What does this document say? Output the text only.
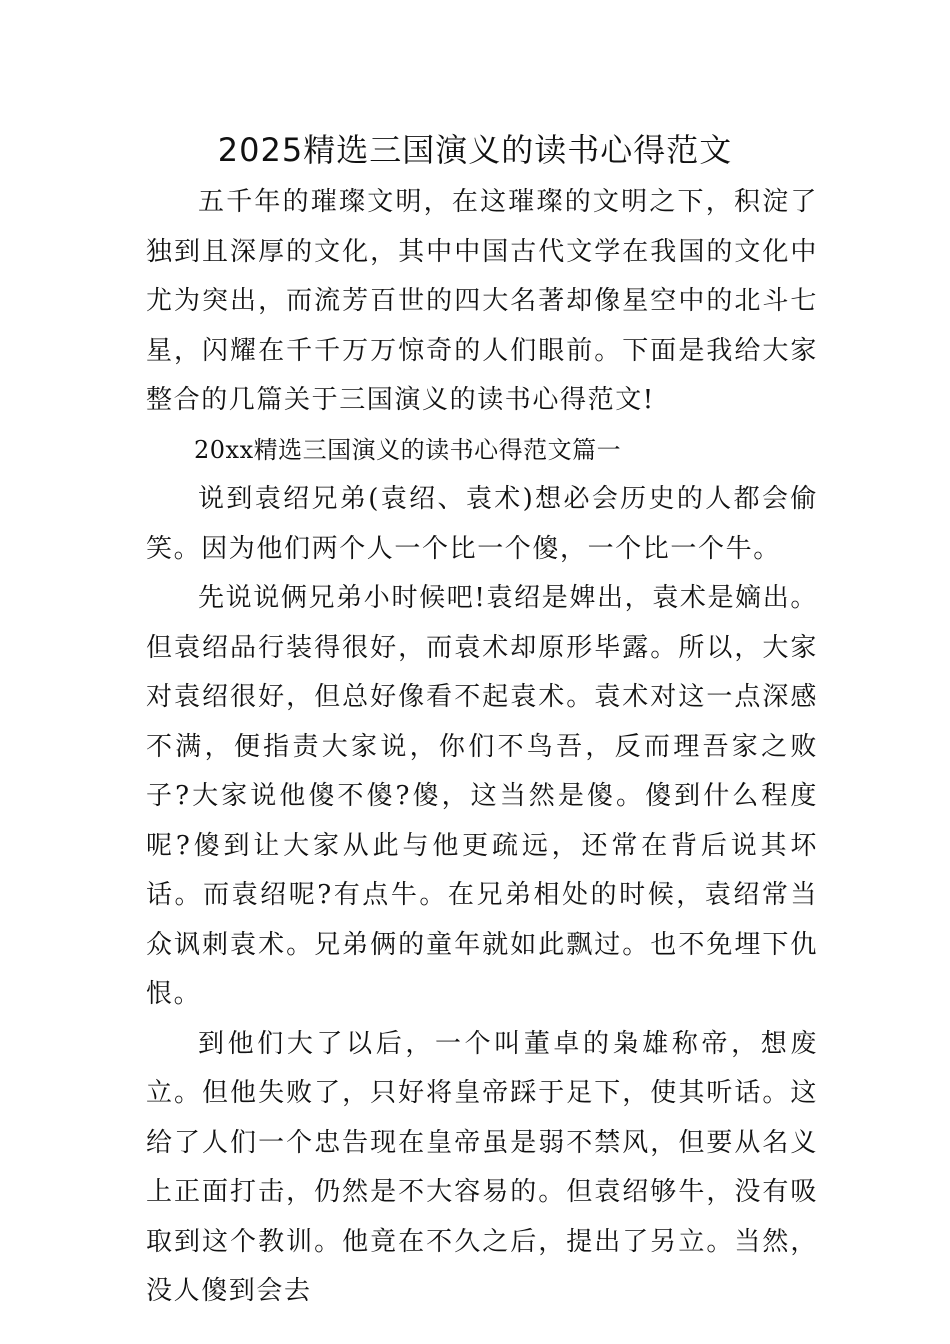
2025精选三国演义的读书心得范文

五千年的璀璨文明，在这璀璨的文明之下，积淀了独到且深厚的文化，其中中国古代文学在我国的文化中尤为突出，而流芳百世的四大名著却像星空中的北斗七星，闪耀在千千万万惊奇的人们眼前。下面是我给大家整合的几篇关于三国演义的读书心得范文!

20xx精选三国演义的读书心得范文篇一

说到袁绍兄弟(袁绍、袁术)想必会历史的人都会偷笑。因为他们两个人一个比一个傻，一个比一个牛。

先说说俩兄弟小时候吧!袁绍是婢出，袁术是嫡出。但袁绍品行装得很好，而袁术却原形毕露。所以，大家对袁绍很好，但总好像看不起袁术。袁术对这一点深感不满，便指责大家说，你们不鸟吾，反而理吾家之败子?大家说他傻不傻?傻，这当然是傻。傻到什么程度呢?傻到让大家从此与他更疏远，还常在背后说其坏话。而袁绍呢?有点牛。在兄弟相处的时候，袁绍常当众讽刺袁术。兄弟俩的童年就如此飘过。也不免埋下仇恨。

到他们大了以后，一个叫董卓的枭雄称帝，想废立。但他失败了，只好将皇帝踩于足下，使其听话。这给了人们一个忠告现在皇帝虽是弱不禁风，但要从名义上正面打击，仍然是不大容易的。但袁绍够牛，没有吸取到这个教训。他竟在不久之后，提出了另立。当然，没人傻到会去
